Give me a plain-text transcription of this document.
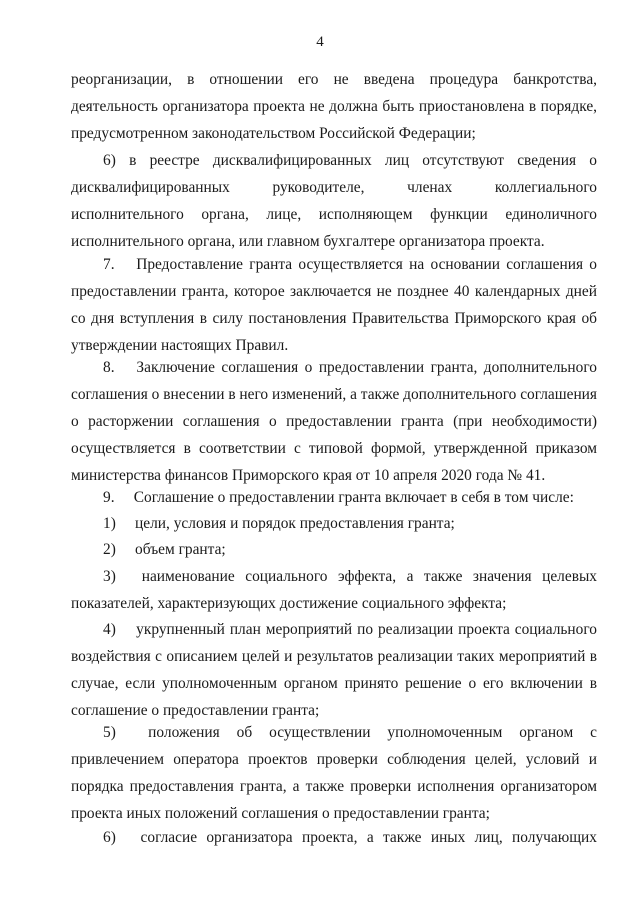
4

реорганизации, в отношении его не введена процедура банкротства, деятельность организатора проекта не должна быть приостановлена в порядке, предусмотренном законодательством Российской Федерации;

6) в реестре дисквалифицированных лиц отсутствуют сведения о дисквалифицированных руководителе, членах коллегиального исполнительного органа, лице, исполняющем функции единоличного исполнительного органа, или главном бухгалтере организатора проекта.

7.  Предоставление гранта осуществляется на основании соглашения о предоставлении гранта, которое заключается не позднее 40 календарных дней со дня вступления в силу постановления Правительства Приморского края об утверждении настоящих Правил.

8.  Заключение соглашения о предоставлении гранта, дополнительного соглашения о внесении в него изменений, а также дополнительного соглашения о расторжении соглашения о предоставлении гранта (при необходимости) осуществляется в соответствии с типовой формой, утвержденной приказом министерства финансов Приморского края от 10 апреля 2020 года № 41.

9.  Соглашение о предоставлении гранта включает в себя в том числе:

1)  цели, условия и порядок предоставления гранта;

2)  объем гранта;

3)  наименование социального эффекта, а также значения целевых показателей, характеризующих достижение социального эффекта;

4)  укрупненный план мероприятий по реализации проекта социального воздействия с описанием целей и результатов реализации таких мероприятий в случае, если уполномоченным органом принято решение о его включении в соглашение о предоставлении гранта;

5)  положения об осуществлении уполномоченным органом с привлечением оператора проектов проверки соблюдения целей, условий и порядка предоставления гранта, а также проверки исполнения организатором проекта иных положений соглашения о предоставлении гранта;

6)  согласие организатора проекта, а также иных лиц, получающих
